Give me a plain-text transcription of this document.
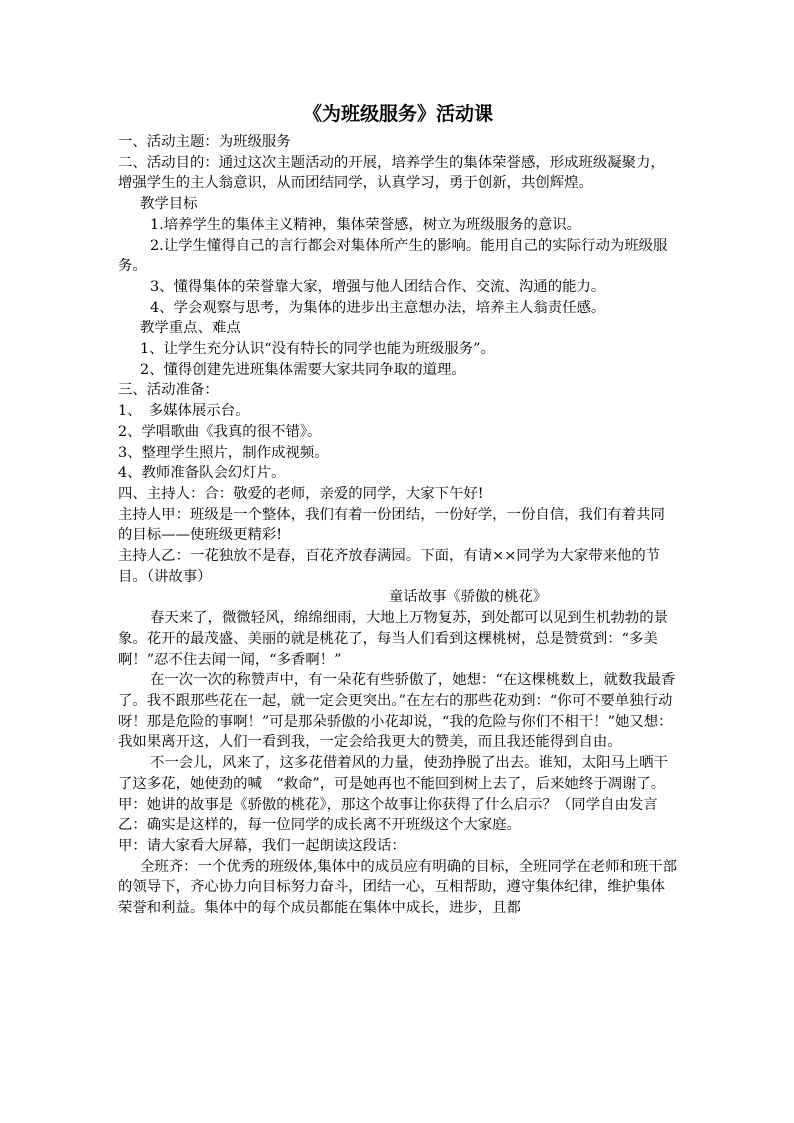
《为班级服务》活动课

一、活动主题：为班级服务

二、活动目的：通过这次主题活动的开展，培养学生的集体荣誉感，形成班级凝聚力，　增强学生的主人翁意识，从而团结同学，认真学习，勇于创新，共创辉煌。

教学目标

1.培养学生的集体主义精神，集体荣誉感，树立为班级服务的意识。

2.让学生懂得自己的言行都会对集体所产生的影响。能用自己的实际行动为班级服务。

3、懂得集体的荣誉靠大家，增强与他人团结合作、交流、沟通的能力。

4、学会观察与思考，为集体的进步出主意想办法，培养主人翁责任感。

教学重点、难点

1、让学生充分认识“没有特长的同学也能为班级服务”。

2、懂得创建先进班集体需要大家共同争取的道理。

三、活动准备：

1、　多媒体展示台。

2、学唱歌曲《我真的很不错》。

3、整理学生照片，制作成视频。

4、教师准备队会幻灯片。

四、主持人：合：敬爱的老师，亲爱的同学，大家下午好!

主持人甲：班级是一个整体，我们有着一份团结，一份好学，一份自信，我们有着共同的目标——使班级更精彩!

主持人乙：一花独放不是春，百花齐放春满园。下面，有请××同学为大家带来他的节目。（讲故事）

童话故事《骄傲的桃花》

春天来了，微微轻风，绵绵细雨，大地上万物复苏，到处都可以见到生机勃勃的景象。花开的最茂盛、美丽的就是桃花了，每当人们看到这棵桃树，总是赞赏到：“多美啊！”忍不住去闻一闻，“多香啊！”

在一次一次的称赞声中，有一朵花有些骄傲了，她想：“在这棵桃数上，就数我最香了。我不跟那些花在一起，就一定会更突出。”在左右的那些花劝到：“你可不要单独行动呀！那是危险的事啊！”可是那朵骄傲的小花却说，“我的危险与你们不相干！”她又想：我如果离开这，人们一看到我，一定会给我更大的赞美，而且我还能得到自由。

不一会儿，风来了，这多花借着风的力量，使劲挣脱了出去。谁知，太阳马上晒干了这多花，她使劲的喊　“救命”，可是她再也不能回到树上去了，后来她终于凋谢了。

甲：她讲的故事是《骄傲的桃花》，那这个故事让你获得了什么启示？（同学自由发言

乙：确实是这样的，每一位同学的成长离不开班级这个大家庭。

甲：请大家看大屏幕，我们一起朗读这段话：

全班齐：一个优秀的班级体,集体中的成员应有明确的目标，全班同学在老师和班干部的领导下，齐心协力向目标努力奋斗，团结一心，互相帮助，遵守集体纪律，维护集体荣誉和利益。集体中的每个成员都能在集体中成长，进步，且都
